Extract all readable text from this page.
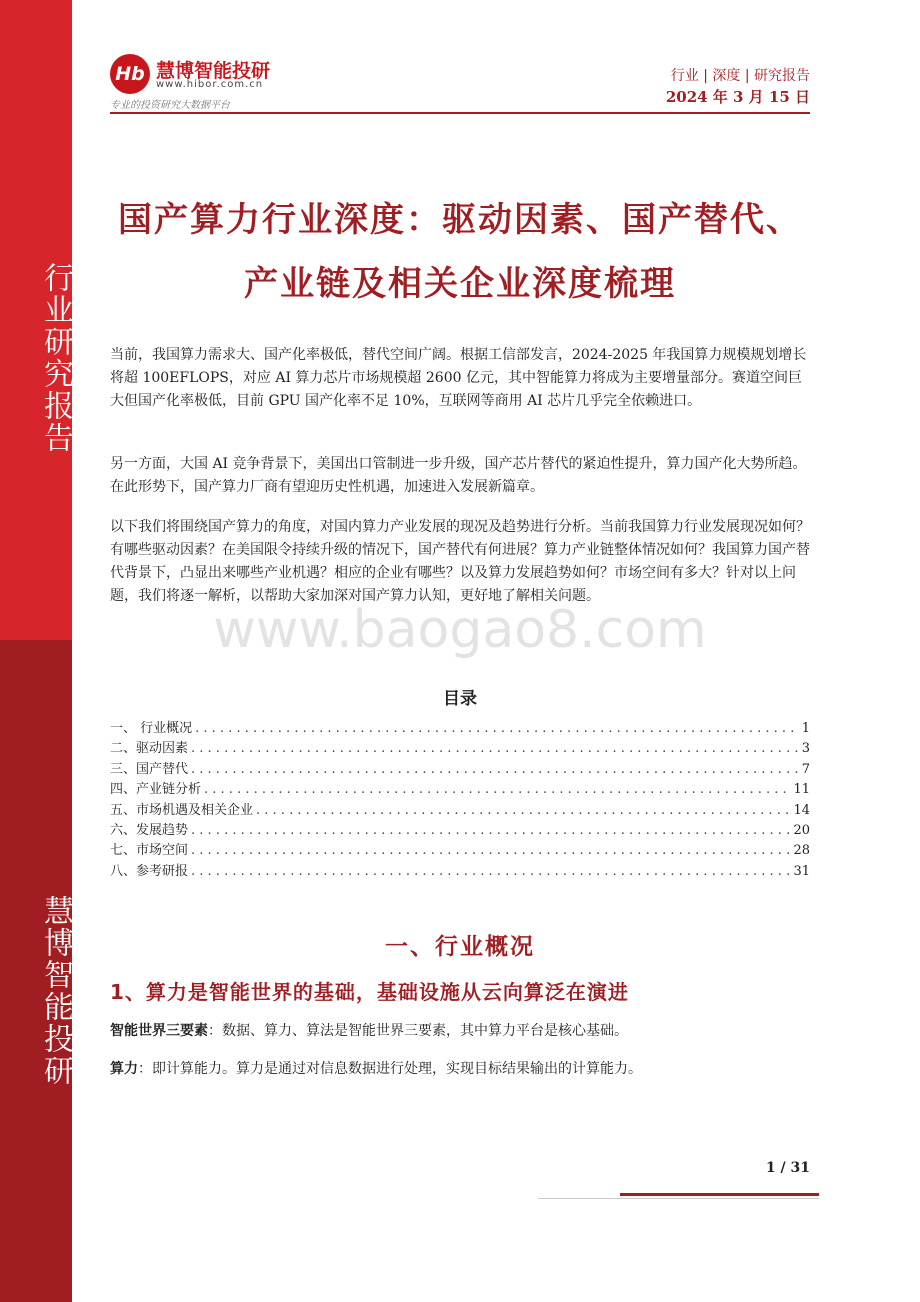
行业研究报告
慧博智能投研
Hb 慧博智能投研
www.hibor.com.cn
专业的投资研究大数据平台
行业 | 深度 | 研究报告
2024 年 3 月 15 日
国产算力行业深度：驱动因素、国产替代、
产业链及相关企业深度梳理
当前，我国算力需求大、国产化率极低，替代空间广阔。根据工信部发言，2024-2025 年我国算力规模规划增长将超 100EFLOPS，对应 AI 算力芯片市场规模超 2600 亿元，其中智能算力将成为主要增量部分。赛道空间巨大但国产化率极低，目前 GPU 国产化率不足 10%，互联网等商用 AI 芯片几乎完全依赖进口。
另一方面，大国 AI 竞争背景下，美国出口管制进一步升级，国产芯片替代的紧迫性提升，算力国产化大势所趋。在此形势下，国产算力厂商有望迎历史性机遇，加速进入发展新篇章。
以下我们将围绕国产算力的角度，对国内算力产业发展的现况及趋势进行分析。当前我国算力行业发展现况如何？有哪些驱动因素？在美国限令持续升级的情况下，国产替代有何进展？算力产业链整体情况如何？我国算力国产替代背景下，凸显出来哪些产业机遇？相应的企业有哪些？以及算力发展趋势如何？市场空间有多大？针对以上问题，我们将逐一解析，以帮助大家加深对国产算力认知，更好地了解相关问题。
www.baogao8.com
目录
一、 行业概况 . . .	1
二、驱动因素 . . .	3
三、国产替代 . . .	7
四、产业链分析 . . .	11
五、市场机遇及相关企业 . . .	14
六、发展趋势 . . .	20
七、市场空间 . . .	28
八、参考研报 . . .	31
一、行业概况
1、算力是智能世界的基础，基础设施从云向算泛在演进
智能世界三要素：数据、算力、算法是智能世界三要素，其中算力平台是核心基础。
算力：即计算能力。算力是通过对信息数据进行处理，实现目标结果输出的计算能力。
1 / 31
